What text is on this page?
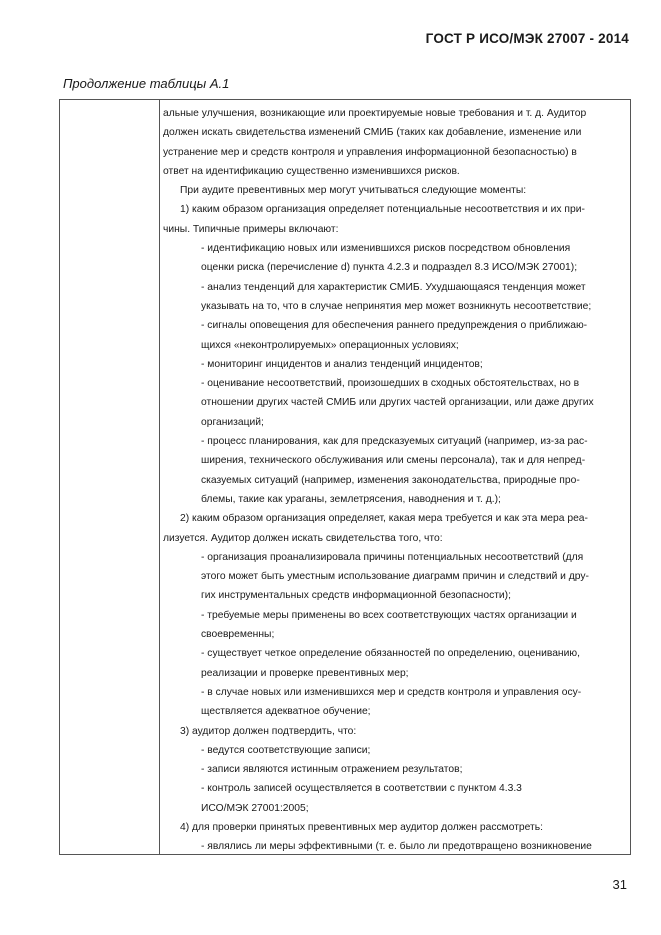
ГОСТ Р ИСО/МЭК 27007 - 2014
Продолжение таблицы А.1
альные улучшения, возникающие или проектируемые новые требования и т. д. Аудитор
должен искать свидетельства изменений СМИБ (таких как добавление, изменение или
устранение мер и средств контроля и управления информационной безопасностью) в
ответ на идентификацию существенно изменившихся рисков.
При аудите превентивных мер могут учитываться следующие моменты:
1) каким образом организация определяет потенциальные несоответствия и их при-
чины. Типичные примеры включают:
- идентификацию новых или изменившихся рисков посредством обновления
оценки риска (перечисление d) пункта 4.2.3 и подраздел 8.3 ИСО/МЭК 27001);
- анализ тенденций для характеристик СМИБ. Ухудшающаяся тенденция может
указывать на то, что в случае непринятия мер может возникнуть несоответствие;
- сигналы оповещения для обеспечения раннего предупреждения о приближаю-
щихся «неконтролируемых» операционных условиях;
- мониторинг инцидентов и анализ тенденций инцидентов;
- оценивание несоответствий, произошедших в сходных обстоятельствах, но в
отношении других частей СМИБ или других частей организации, или даже других
организаций;
- процесс планирования, как для предсказуемых ситуаций (например, из-за рас-
ширения, технического обслуживания или смены персонала), так и для непред-
сказуемых ситуаций (например, изменения законодательства, природные про-
блемы, такие как ураганы, землетрясения, наводнения и т. д.);
2) каким образом организация определяет, какая мера требуется и как эта мера реа-
лизуется. Аудитор должен искать свидетельства того, что:
- организация проанализировала причины потенциальных несоответствий (для
этого может быть уместным использование диаграмм причин и следствий и дру-
гих инструментальных средств информационной безопасности);
- требуемые меры применены во всех соответствующих частях организации и
своевременны;
- существует четкое определение обязанностей по определению, оцениванию,
реализации и проверке превентивных мер;
- в случае новых или изменившихся мер и средств контроля и управления осу-
ществляется адекватное обучение;
3) аудитор должен подтвердить, что:
- ведутся соответствующие записи;
- записи являются истинным отражением результатов;
- контроль записей осуществляется в соответствии с пунктом 4.3.3
ИСО/МЭК 27001:2005;
4) для проверки принятых превентивных мер аудитор должен рассмотреть:
- являлись ли меры эффективными (т. е. было ли предотвращено возникновение
31
